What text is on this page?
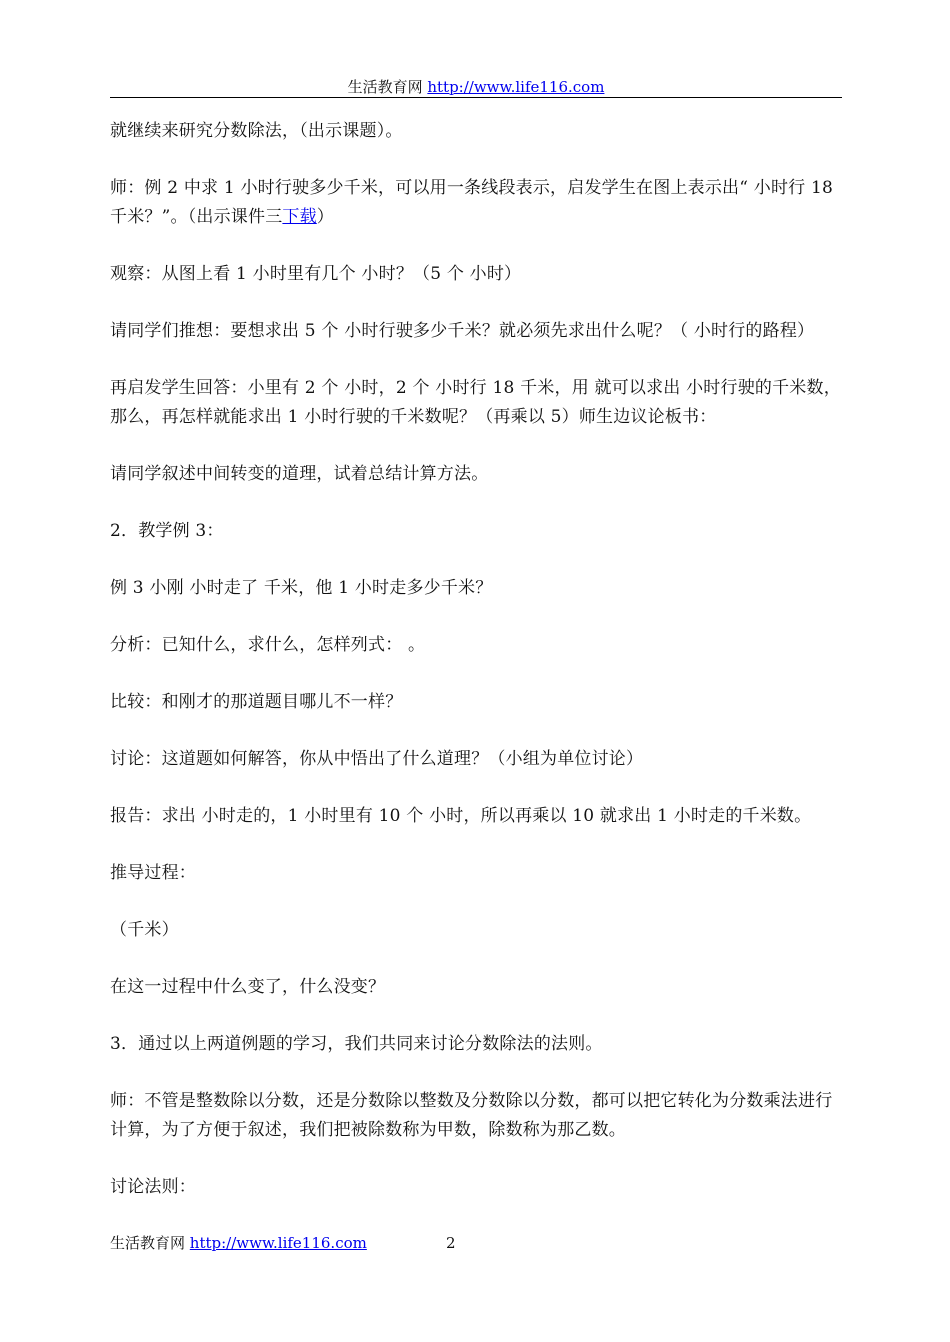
生活教育网 http://www.life116.com

就继续来研究分数除法，（出示课题）。

师：例 2 中求 1 小时行驶多少千米，可以用一条线段表示，启发学生在图上表示出“ 小时行 18 千米？”。（出示课件三下载）

观察：从图上看 1 小时里有几个 小时？（5 个 小时）

请同学们推想：要想求出 5 个 小时行驶多少千米？就必须先求出什么呢？（ 小时行的路程）

再启发学生回答：小里有 2 个 小时，2 个 小时行 18 千米，用 就可以求出 小时行驶的千米数，那么，再怎样就能求出 1 小时行驶的千米数呢？（再乘以 5）师生边议论板书：

请同学叙述中间转变的道理，试着总结计算方法。

2．教学例 3：

例 3 小刚 小时走了 千米，他 1 小时走多少千米？

分析：已知什么，求什么，怎样列式： 。

比较：和刚才的那道题目哪儿不一样？

讨论：这道题如何解答，你从中悟出了什么道理？（小组为单位讨论）

报告：求出 小时走的，1 小时里有 10 个 小时，所以再乘以 10 就求出 1 小时走的千米数。

推导过程：

（千米）

在这一过程中什么变了，什么没变？

3．通过以上两道例题的学习，我们共同来讨论分数除法的法则。

师：不管是整数除以分数，还是分数除以整数及分数除以分数，都可以把它转化为分数乘法进行计算，为了方便于叙述，我们把被除数称为甲数，除数称为那乙数。

讨论法则：

生活教育网 http://www.life116.com	2
